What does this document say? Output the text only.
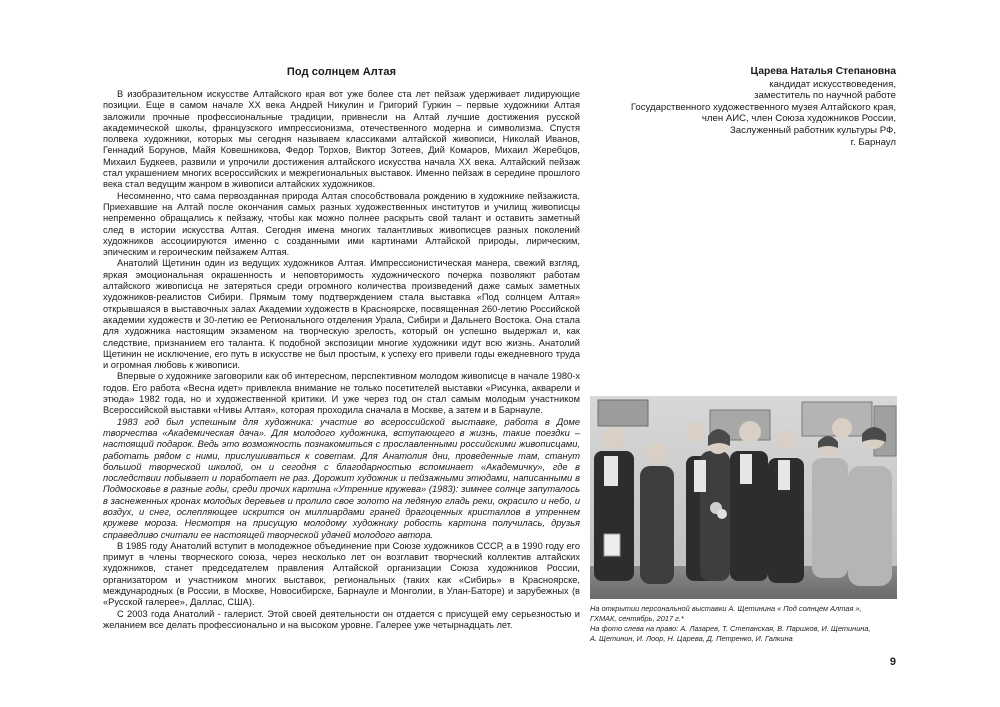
Под солнцем Алтая

В изобразительном искусстве Алтайского края вот уже более ста лет пейзаж удерживает лидирующие позиции. Еще в самом начале XX века Андрей Никулин и Григорий Гуркин – первые художники Алтая заложили прочные профессиональные традиции, привнесли на Алтай лучшие достижения русской академической школы, французского импрессионизма, отечественного модерна и символизма. Спустя полвека художники, которых мы сегодня называем классиками алтайской живописи, Николай Иванов, Геннадий Борунов, Майя Ковешникова, Федор Торхов, Виктор Зотеев, Дий Комаров, Михаил Жеребцов, Михаил Будкеев, развили и упрочили достижения алтайского искусства начала XX века. Алтайский пейзаж стал украшением многих всероссийских и межрегиональных выставок. Именно пейзаж в середине прошлого века стал ведущим жанром в живописи алтайских художников.

Несомненно, что сама первозданная природа Алтая способствовала рождению в художнике пейзажиста. Приехавшие на Алтай после окончания самых разных художественных институтов и училищ живописцы непременно обращались к пейзажу, чтобы как можно полнее раскрыть свой талант и оставить заметный след в истории искусства Алтая. Сегодня имена многих талантливых живописцев разных поколений художников ассоциируются именно с созданными ими картинами Алтайской природы, лирическим, эпическим и героическим пейзажем Алтая.

Анатолий Щетинин один из ведущих художников Алтая. Импрессионистическая манера, свежий взгляд, яркая эмоциональная окрашенность и неповторимость художнического почерка позволяют работам алтайского живописца не затеряться среди огромного количества произведений даже самых заметных художников-реалистов Сибири. Прямым тому подтверждением стала выставка «Под солнцем Алтая» открывшаяся в выставочных залах Академии художеств в Красноярске, посвященная 260-летию Российской академии художеств и 30-летию ее Регионального отделения Урала, Сибири и Дальнего Востока. Она стала для художника настоящим экзаменом на творческую зрелость, который он успешно выдержал и, как следствие, признанием его таланта. К подобной экспозиции многие художники идут всю жизнь. Анатолий Щетинин не исключение, его путь в искусстве не был простым, к успеху его привели годы ежедневного труда и огромная любовь к живописи.

Впервые о художнике заговорили как об интересном, перспективном молодом живописце в начале 1980-х годов. Его работа «Весна идет» привлекла внимание не только посетителей выставки «Рисунка, акварели и этюда» 1982 года, но и художественной критики. И уже через год он стал самым молодым участником Всероссийской выставки «Нивы Алтая», которая проходила сначала в Москве, а затем и в Барнауле.

1983 год был успешным для художника: участие во всероссийской выставке, работа в Доме творчества «Академическая дача». Для молодого художника, вступающего в жизнь, такие поездки – настоящий подарок. Ведь это возможность познакомиться с прославленными российскими живописцами, работать рядом с ними, прислушиваться к советам. Для Анатолия дни, проведенные там, станут большой творческой школой, он и сегодня с благодарностью вспоминает «Академичку», где в последствии побывает и поработает не раз. Дорожит художник и пейзажными этюдами, написанными в Подмосковье в разные годы, среди прочих картина «Утренние кружева» (1983): зимнее солнце запуталось в заснеженных кронах молодых деревьев и пролило свое золото на ледяную гладь реки, окрасило и небо, и воздух, и снег, ослепляющее искрится он миллиардами граней драгоценных кристаллов в утреннем кружеве мороза. Несмотря на присущую молодому художнику робость картина получилась, друзья справедливо считали ее настоящей творческой удачей молодого автора.

В 1985 году Анатолий вступит в молодежное объединение при Союзе художников СССР, а в 1990 году его примут в члены творческого союза, через несколько лет он возглавит творческий коллектив алтайских художников, станет председателем правления Алтайской организации Союза художников России, организатором и участником многих выставок, региональных (таких как «Сибирь» в Красноярске, международных (в России, в Москве, Новосибирске, Барнауле и Монголии, в Улан-Баторе) и зарубежных (в «Русской галерее», Даллас, США).

С 2003 года Анатолий - галерист. Этой своей деятельности он отдается с присущей ему серьезностью и желанием все делать профессионально и на высоком уровне. Галерее уже четырнадцать лет.

Царева Наталья Степановна
кандидат искусствоведения,
заместитель по научной работе
Государственного художественного музея Алтайского края,
член АИС, член Союза художников России,
Заслуженный работник культуры РФ,
г. Барнаул
На открытии персональной выставки А. Щетинина « Под солнцем Алтая »,
ГХМАК, сентябрь, 2017 г.*
На фото слева на право: А. Лазарев, Т. Степанская, В. Паршков, И. Щетинина,
А. Щетинин, И. Лоор, Н. Царева, Д. Петренко, И. Галкина
9
